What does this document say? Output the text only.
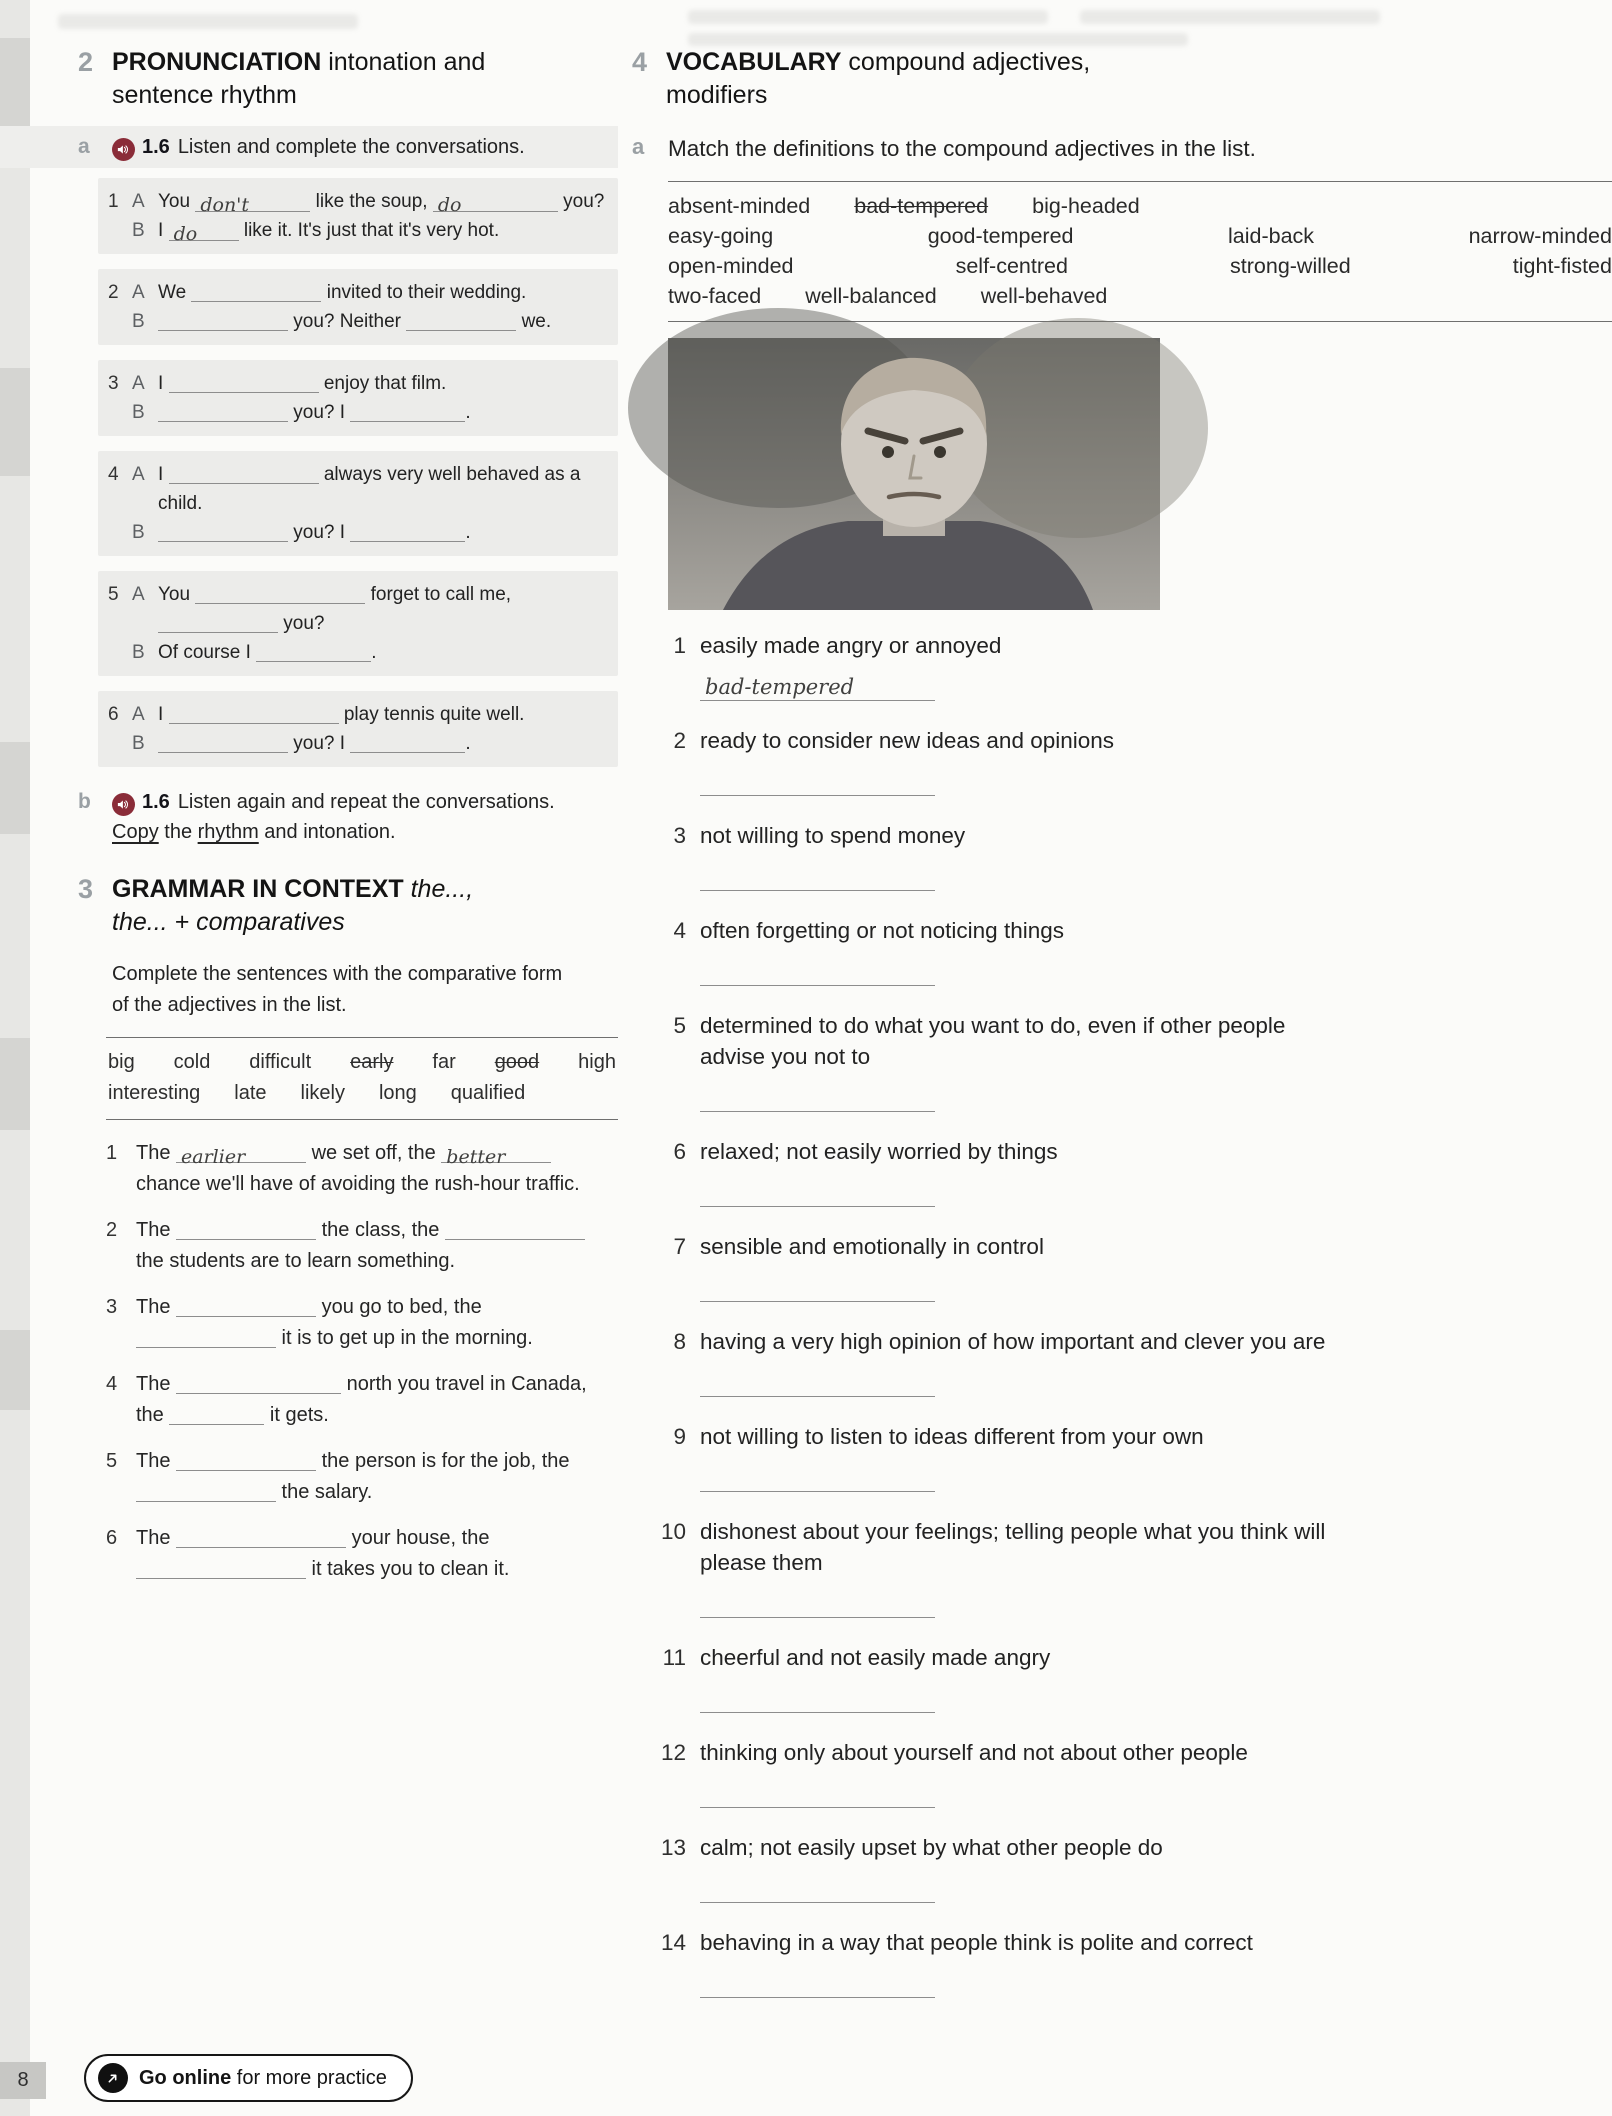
2 PRONUNCIATION intonation and
sentence rhythm
a	1.6 Listen and complete the conversations.
1 A You don't	like the soup, do	you?
B I do like it. It's just that it's very hot.
2 A We	invited to their wedding.
B	you? Neither	we.
3 A I	enjoy that film.
B	you? I	.
4 A I	always very well behaved as a child.
B	you? I	.
5 A You	forget to call me,  you?
B Of course I	.
6 A I	play tennis quite well.
B	you? I	.
b	1.6 Listen again and repeat the conversations.
Copy the rhythm and intonation.
3 GRAMMAR IN CONTEXT the...,
the... + comparatives
Complete the sentences with the comparative form of the adjectives in the list.
big cold difficult early far good high
interesting late likely long qualified
1 The earlier	we set off, the better chance we'll have of avoiding the rush-hour traffic.
2 The	the class, the  the students are to learn something.
3 The	you go to bed, the  it is to get up in the morning.
4 The	north you travel in Canada, the	it gets.
5 The	the person is for the job, the  the salary.
6 The	your house, the  it takes you to clean it.
4 VOCABULARY compound adjectives,
modifiers
a	Match the definitions to the compound adjectives in the list.
absent-minded bad-tempered big-headed
easy-going	good-tempered	laid-back	narrow-minded
open-minded	self-centred	strong-willed	tight-fisted
two-faced well-balanced well-behaved
1 easily made angry or annoyed
bad-tempered
2 ready to consider new ideas and opinions
3 not willing to spend money
4 often forgetting or not noticing things
5 determined to do what you want to do, even if other people advise you not to
6 relaxed; not easily worried by things
7 sensible and emotionally in control
8 having a very high opinion of how important and clever you are
9 not willing to listen to ideas different from your own
10 dishonest about your feelings; telling people what you think will please them
11 cheerful and not easily made angry
12 thinking only about yourself and not about other people
13 calm; not easily upset by what other people do
14 behaving in a way that people think is polite and correct
8	Go online for more practice
